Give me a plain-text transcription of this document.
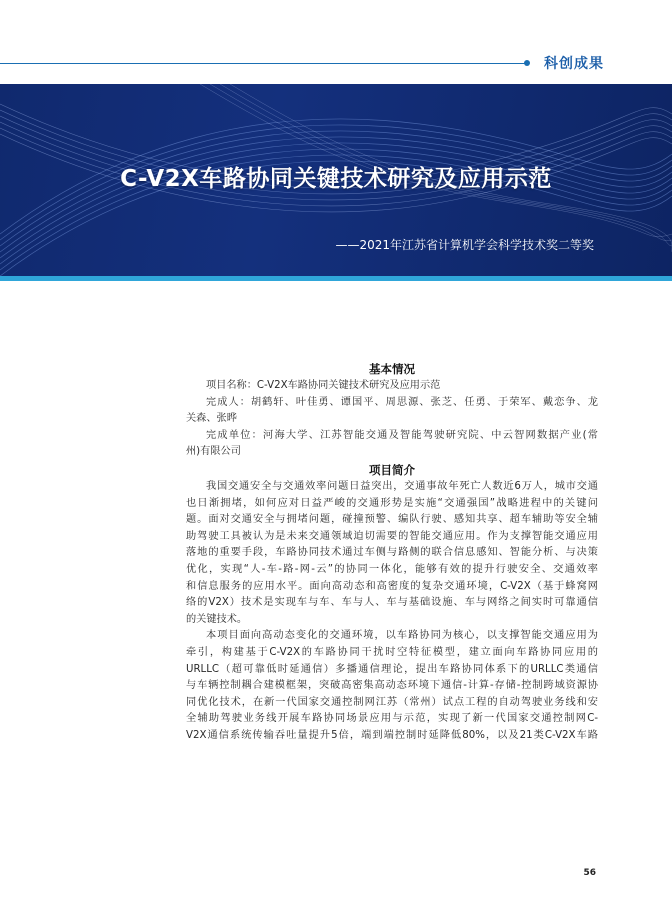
科创成果
C-V2X车路协同关键技术研究及应用示范
——2021年江苏省计算机学会科学技术奖二等奖
基本情况
项目名称：C-V2X车路协同关键技术研究及应用示范
完成人：胡鹤轩、叶佳勇、谭国平、周思源、张芝、任勇、于荣军、戴恋争、龙
关森、张晔
完成单位：河海大学、江苏智能交通及智能驾驶研究院、中云智网数据产业(常
州)有限公司
项目简介
我国交通安全与交通效率问题日益突出，交通事故年死亡人数近6万人，城市交通
也日渐拥堵，如何应对日益严峻的交通形势是实施“交通强国”战略进程中的关键问
题。面对交通安全与拥堵问题，碰撞预警、编队行驶、感知共享、超车辅助等安全辅
助驾驶工具被认为是未来交通领域迫切需要的智能交通应用。作为支撑智能交通应用
落地的重要手段，车路协同技术通过车侧与路侧的联合信息感知、智能分析、与决策
优化，实现“人-车-路-网-云”的协同一体化，能够有效的提升行驶安全、交通效率
和信息服务的应用水平。面向高动态和高密度的复杂交通环境，C-V2X（基于蜂窝网
络的V2X）技术是实现车与车、车与人、车与基础设施、车与网络之间实时可靠通信
的关键技术。
本项目面向高动态变化的交通环境，以车路协同为核心，以支撑智能交通应用为
牵引，构建基于C-V2X的车路协同干扰时空特征模型，建立面向车路协同应用的
URLLC（超可靠低时延通信）多播通信理论，提出车路协同体系下的URLLC类通信
与车辆控制耦合建模框架，突破高密集高动态环境下通信-计算-存储-控制跨域资源协
同优化技术，在新一代国家交通控制网江苏（常州）试点工程的自动驾驶业务线和安
全辅助驾驶业务线开展车路协同场景应用与示范，实现了新一代国家交通控制网C-
V2X通信系统传输吞吐量提升5倍，端到端控制时延降低80%，以及21类C-V2X车路
56
